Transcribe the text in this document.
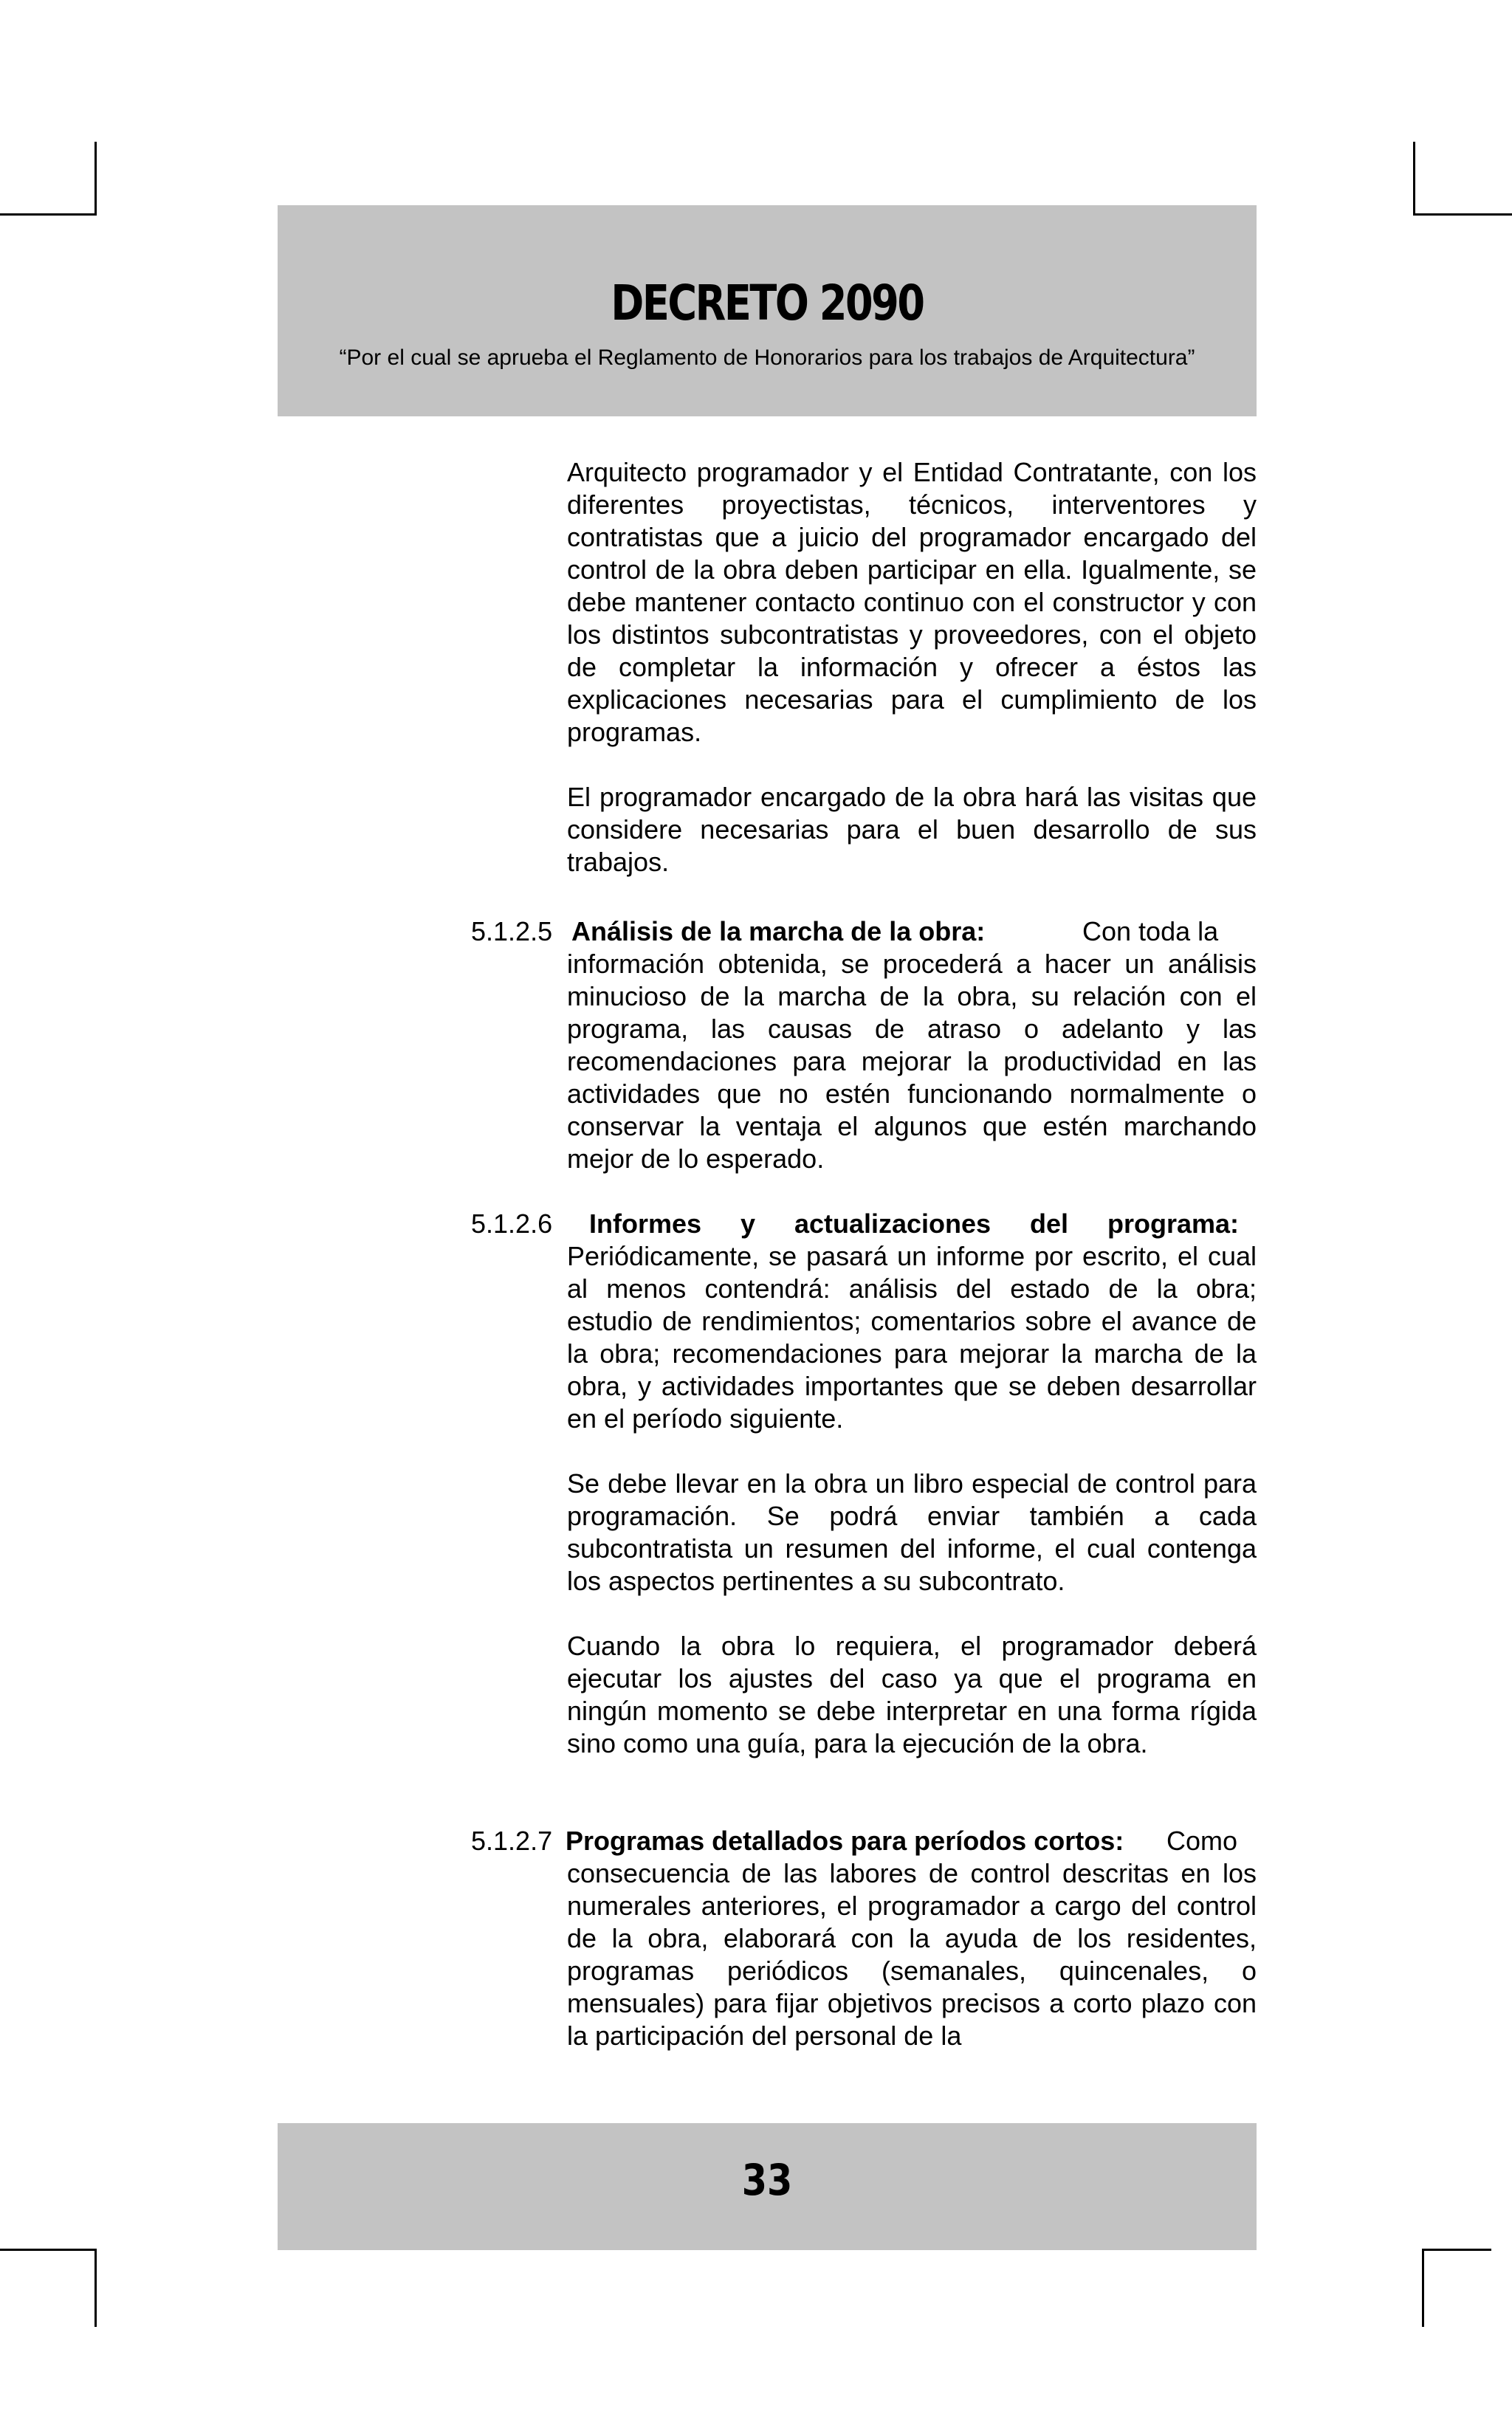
DECRETO 2090
“Por el cual se aprueba el Reglamento de Honorarios para los trabajos de Arquitectura”
Arquitecto programador y el Entidad Contratante, con los diferentes proyectistas, técnicos, interventores y contratistas que a juicio del programador encargado del control de la obra deben participar en ella. Igualmente, se debe mantener contacto continuo con el constructor y con los distintos subcontratistas y proveedores, con el objeto de completar la información y ofrecer a éstos las explicaciones necesarias para el cumplimiento de los programas.
El programador encargado de la obra hará las visitas que considere necesarias para el buen desarrollo de sus trabajos.
5.1.2.5 Análisis de la marcha de la obra:	Con toda la
información obtenida, se procederá a hacer un análisis minucioso de la marcha de la obra, su relación con el programa, las causas de atraso o adelanto y las recomendaciones para mejorar la productividad en las actividades que no estén funcionando normalmente o conservar la ventaja el algunos que estén marchando mejor de lo esperado.
5.1.2.6 Informes y actualizaciones del programa:
Periódicamente, se pasará un informe por escrito, el cual al menos contendrá: análisis del estado de la obra; estudio de rendimientos; comentarios sobre el avance de la obra; recomendaciones para mejorar la marcha de la obra, y actividades importantes que se deben desarrollar en el período siguiente.
Se debe llevar en la obra un libro especial de control para programación. Se podrá enviar también a cada subcontratista un resumen del informe, el cual contenga los aspectos pertinentes a su subcontrato.
Cuando la obra lo requiera, el programador deberá ejecutar los ajustes del caso ya que el programa en ningún momento se debe interpretar en una forma rígida sino como una guía, para la ejecución de la obra.
5.1.2.7 Programas detallados para períodos cortos: Como
consecuencia de las labores de control descritas en los numerales anteriores, el programador a cargo del control de la obra, elaborará con la ayuda de los residentes, programas periódicos (semanales, quincenales, o mensuales) para fijar objetivos precisos a corto plazo con la participación del personal de la
33
